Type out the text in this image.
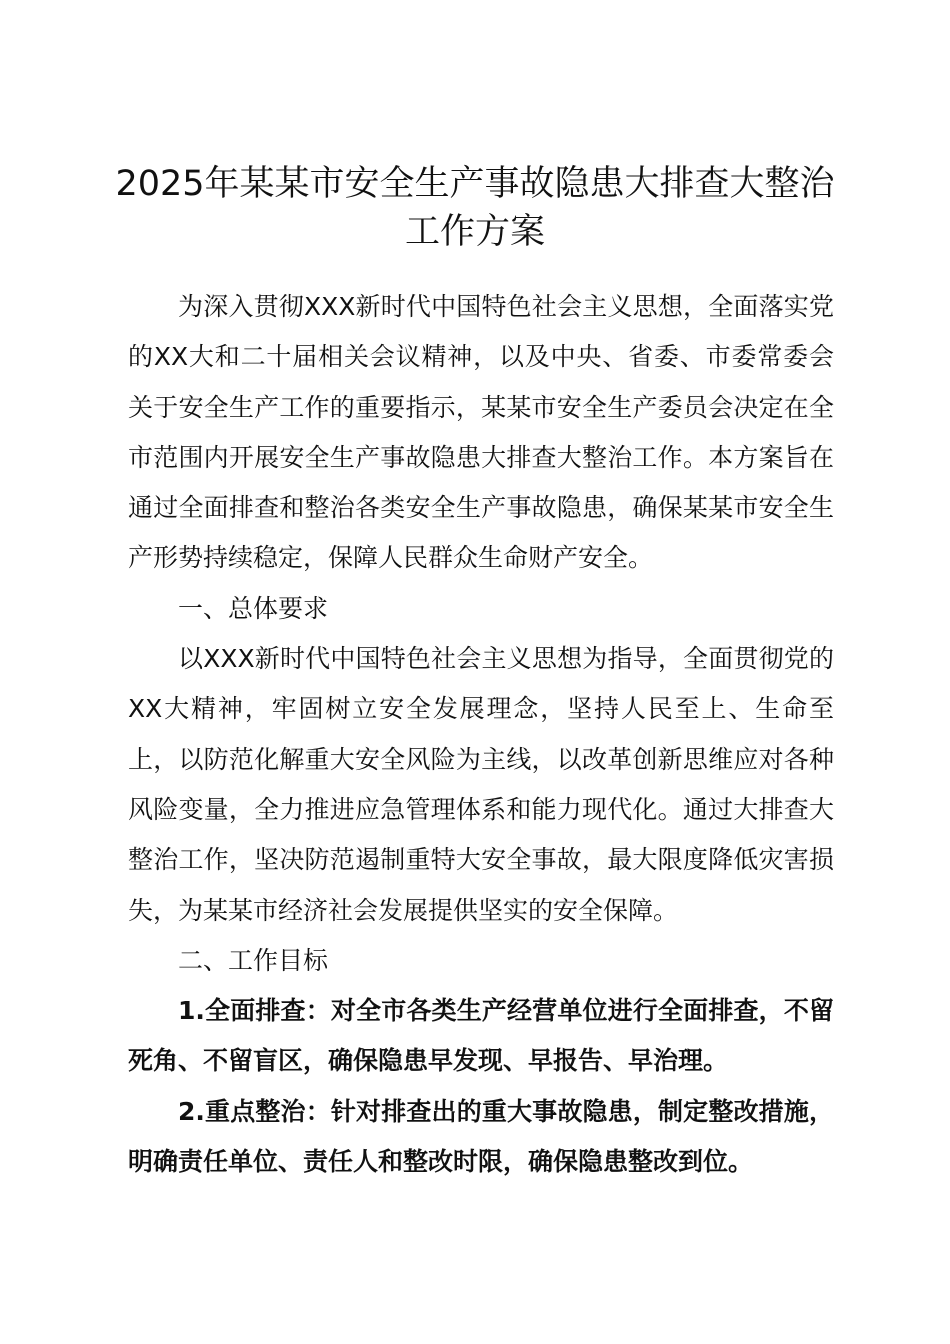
2025年某某市安全生产事故隐患大排查大整治工作方案

为深入贯彻XXX新时代中国特色社会主义思想，全面落实党的XX大和二十届相关会议精神，以及中央、省委、市委常委会关于安全生产工作的重要指示，某某市安全生产委员会决定在全市范围内开展安全生产事故隐患大排查大整治工作。本方案旨在通过全面排查和整治各类安全生产事故隐患，确保某某市安全生产形势持续稳定，保障人民群众生命财产安全。

一、总体要求

以XXX新时代中国特色社会主义思想为指导，全面贯彻党的XX大精神，牢固树立安全发展理念，坚持人民至上、生命至上，以防范化解重大安全风险为主线，以改革创新思维应对各种风险变量，全力推进应急管理体系和能力现代化。通过大排查大整治工作，坚决防范遏制重特大安全事故，最大限度降低灾害损失，为某某市经济社会发展提供坚实的安全保障。

二、工作目标

1.全面排查：对全市各类生产经营单位进行全面排查，不留死角、不留盲区，确保隐患早发现、早报告、早治理。

2.重点整治：针对排查出的重大事故隐患，制定整改措施，明确责任单位、责任人和整改时限，确保隐患整改到位。
